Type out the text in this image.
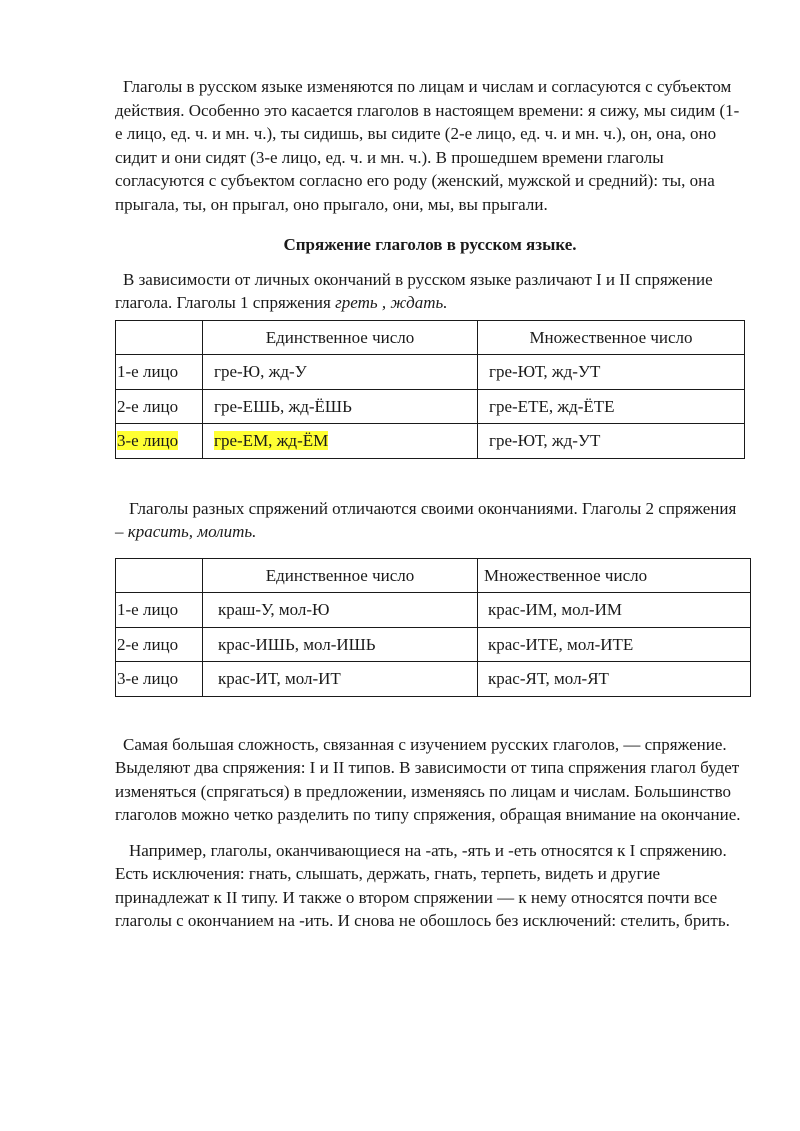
Глаголы в русском языке изменяются по лицам и числам и согласуются с субъектом действия. Особенно это касается глаголов в настоящем времени: я сижу, мы сидим (1-е лицо, ед. ч. и мн. ч.), ты сидишь, вы сидите (2-е лицо, ед. ч. и мн. ч.), он, она, оно сидит и они сидят (3-е лицо, ед. ч. и мн. ч.). В прошедшем времени глаголы согласуются с субъектом согласно его роду (женский, мужской и средний): ты, она прыгала, ты, он прыгал, оно прыгало, они, мы, вы прыгали.

Спряжение глаголов в русском языке.

В зависимости от личных окончаний в русском языке различают I и II спряжение глагола. Глаголы 1 спряжения греть , ждать.

	Единственное число	Множественное число
1-е лицо	гре-Ю, жд-У	гре-ЮТ, жд-УТ
2-е лицо	гре-ЕШЬ, жд-ЁШЬ	гре-ЕТЕ, жд-ЁТЕ
3-е лицо	гре-ЕМ, жд-ЁМ	гре-ЮТ, жд-УТ

Глаголы разных спряжений отличаются своими окончаниями. Глаголы 2 спряжения – красить, молить.

	Единственное число	Множественное число
1-е лицо	краш-У, мол-Ю	крас-ИМ, мол-ИМ
2-е лицо	крас-ИШЬ, мол-ИШЬ	крас-ИТЕ, мол-ИТЕ
3-е лицо	крас-ИТ, мол-ИТ	крас-ЯТ, мол-ЯТ

Самая большая сложность, связанная с изучением русских глаголов, — спряжение. Выделяют два спряжения: I и II типов. В зависимости от типа спряжения глагол будет изменяться (спрягаться) в предложении, изменяясь по лицам и числам. Большинство глаголов можно четко разделить по типу спряжения, обращая внимание на окончание.

Например, глаголы, оканчивающиеся на -ать, -ять и -еть относятся к I спряжению. Есть исключения: гнать, слышать, держать, гнать, терпеть, видеть и другие принадлежат к II типу. И также о втором спряжении — к нему относятся почти все глаголы с окончанием на -ить. И снова не обошлось без исключений: стелить, брить.
